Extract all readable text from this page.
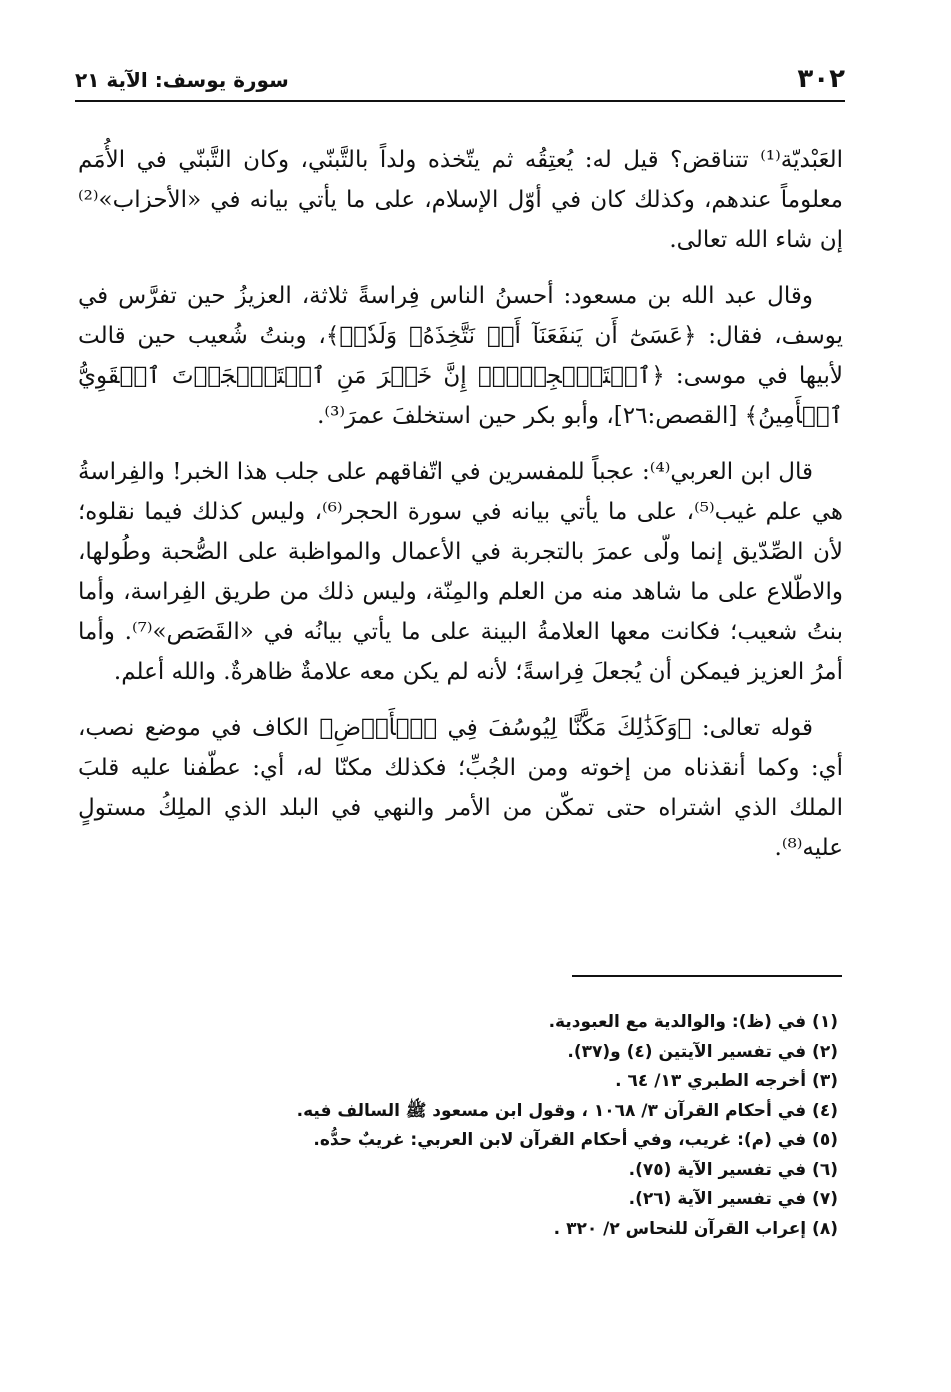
٣٠٢
سورة يوسف: الآية ٢١

العَبْديّة⁽¹⁾ تتناقض؟ قيل له: يُعتِقُه ثم يتّخذه ولداً بالتَّبنّي، وكان التَّبنّي في الأُمَم معلوماً عندهم، وكذلك كان في أوّل الإسلام، على ما يأتي بيانه في «الأحزاب»⁽²⁾ إن شاء الله تعالى.

وقال عبد الله بن مسعود: أحسنُ الناس فِراسةً ثلاثة، العزيزُ حين تفرَّس في يوسف، فقال: ﴿عَسَىٰٓ أَن يَنفَعَنَآ أَوۡ نَتَّخِذَهُۥ وَلَدٗاۚ﴾، وبنتُ شُعيب حين قالت لأبيها في موسى: ﴿ٱسۡتَـٔۡجِرۡهُۖ إِنَّ خَيۡرَ مَنِ ٱسۡتَـٔۡجَرۡتَ ٱلۡقَوِيُّ ٱلۡأَمِينُ﴾ [القصص:٢٦]، وأبو بكر حين استخلفَ عمرَ⁽³⁾.

قال ابن العربي⁽⁴⁾: عجباً للمفسرين في اتّفاقهم على جلب هذا الخبر! والفِراسةُ هي علم غيب⁽⁵⁾، على ما يأتي بيانه في سورة الحجر⁽⁶⁾، وليس كذلك فيما نقلوه؛ لأن الصِّدّيق إنما ولّى عمرَ بالتجربة في الأعمال والمواظبة على الصُّحبة وطُولها، والاطّلاع على ما شاهد منه من العلم والمِنّة، وليس ذلك من طريق الفِراسة، وأما بنتُ شعيب؛ فكانت معها العلامةُ البينة على ما يأتي بيانُه في «القَصَص»⁽⁷⁾. وأما أمرُ العزيز فيمكن أن يُجعلَ فِراسةً؛ لأنه لم يكن معه علامةٌ ظاهرةٌ. والله أعلم.

قوله تعالى: ﴿وَكَذَٰلِكَ مَكَّنَّا لِيُوسُفَ فِي ٱلۡأَرۡضِ﴾ الكاف في موضع نصب، أي: وكما أنقذناه من إخوته ومن الجُبِّ؛ فكذلك مكنّا له، أي: عطّفنا عليه قلبَ الملك الذي اشتراه حتى تمكّن من الأمر والنهي في البلد الذي الملِكُ مستولٍ عليه⁽⁸⁾.

(١) في (ظ): والوالدية مع العبودية.
(٢) في تفسير الآيتين (٤) و(٣٧).
(٣) أخرجه الطبري ١٣/ ٦٤ .
(٤) في أحكام القرآن ٣/ ١٠٦٨ ، وقول ابن مسعود ﷺ السالف فيه.
(٥) في (م): غريب، وفي أحكام القرآن لابن العربي: غريبٌ حدُّه.
(٦) في تفسير الآية (٧٥).
(٧) في تفسير الآية (٢٦).
(٨) إعراب القرآن للنحاس ٢/ ٣٢٠ .
